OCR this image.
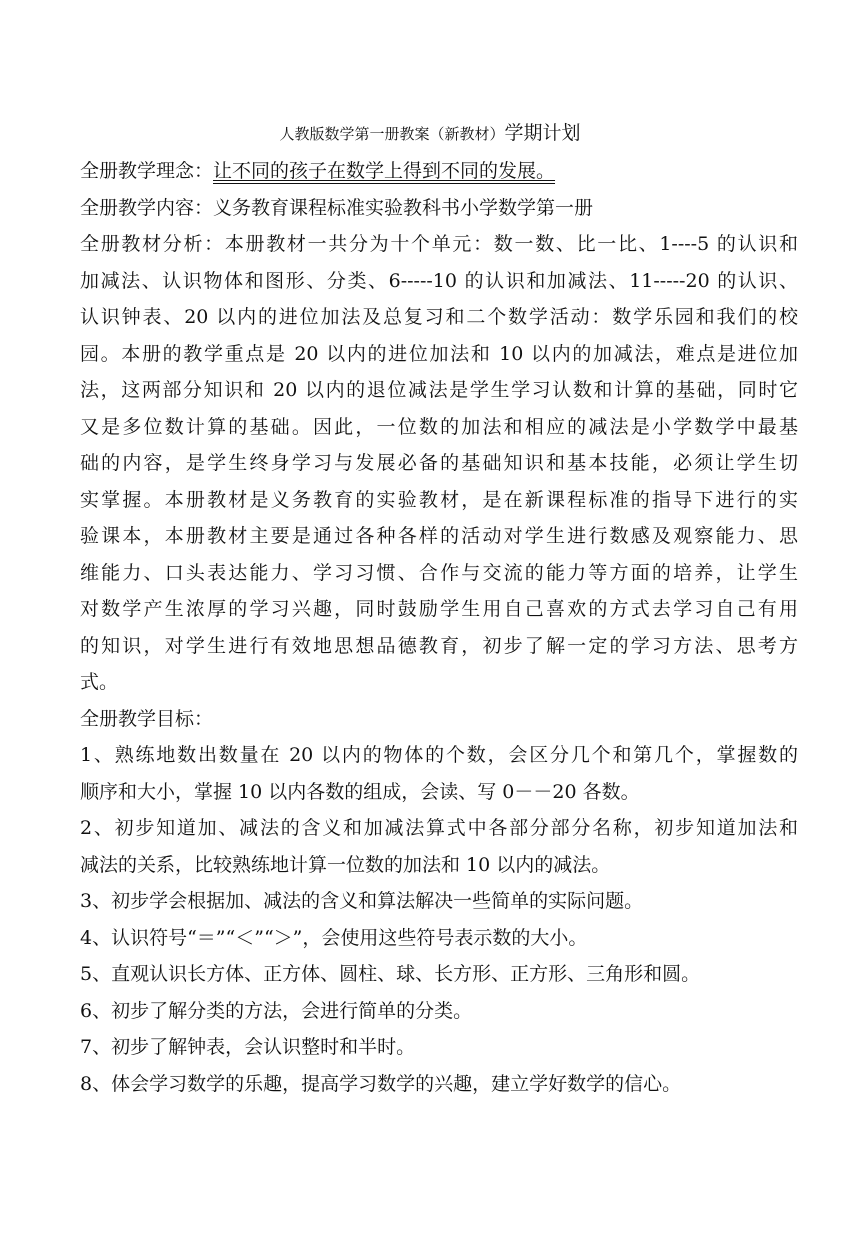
人教版数学第一册教案（新教材）学期计划
全册教学理念：让不同的孩子在数学上得到不同的发展。
全册教学内容：义务教育课程标准实验教科书小学数学第一册
全册教材分析：本册教材一共分为十个单元：数一数、比一比、1----5 的认识和
加减法、认识物体和图形、分类、6-----10 的认识和加减法、11-----20 的认识、
认识钟表、20 以内的进位加法及总复习和二个数学活动：数学乐园和我们的校
园。本册的教学重点是 20 以内的进位加法和 10 以内的加减法，难点是进位加
法，这两部分知识和 20 以内的退位减法是学生学习认数和计算的基础，同时它
又是多位数计算的基础。因此，一位数的加法和相应的减法是小学数学中最基
础的内容，是学生终身学习与发展必备的基础知识和基本技能，必须让学生切
实掌握。本册教材是义务教育的实验教材，是在新课程标准的指导下进行的实
验课本，本册教材主要是通过各种各样的活动对学生进行数感及观察能力、思
维能力、口头表达能力、学习习惯、合作与交流的能力等方面的培养，让学生
对数学产生浓厚的学习兴趣，同时鼓励学生用自己喜欢的方式去学习自己有用
的知识，对学生进行有效地思想品德教育，初步了解一定的学习方法、思考方
式。
全册教学目标：
1、熟练地数出数量在 20 以内的物体的个数，会区分几个和第几个，掌握数的
顺序和大小，掌握 10 以内各数的组成，会读、写 0－－20 各数。
2、初步知道加、减法的含义和加减法算式中各部分部分名称，初步知道加法和
减法的关系，比较熟练地计算一位数的加法和 10 以内的减法。
3、初步学会根据加、减法的含义和算法解决一些简单的实际问题。
4、认识符号“＝”“＜”“＞”，会使用这些符号表示数的大小。
5、直观认识长方体、正方体、圆柱、球、长方形、正方形、三角形和圆。
6、初步了解分类的方法，会进行简单的分类。
7、初步了解钟表，会认识整时和半时。
8、体会学习数学的乐趣，提高学习数学的兴趣，建立学好数学的信心。
